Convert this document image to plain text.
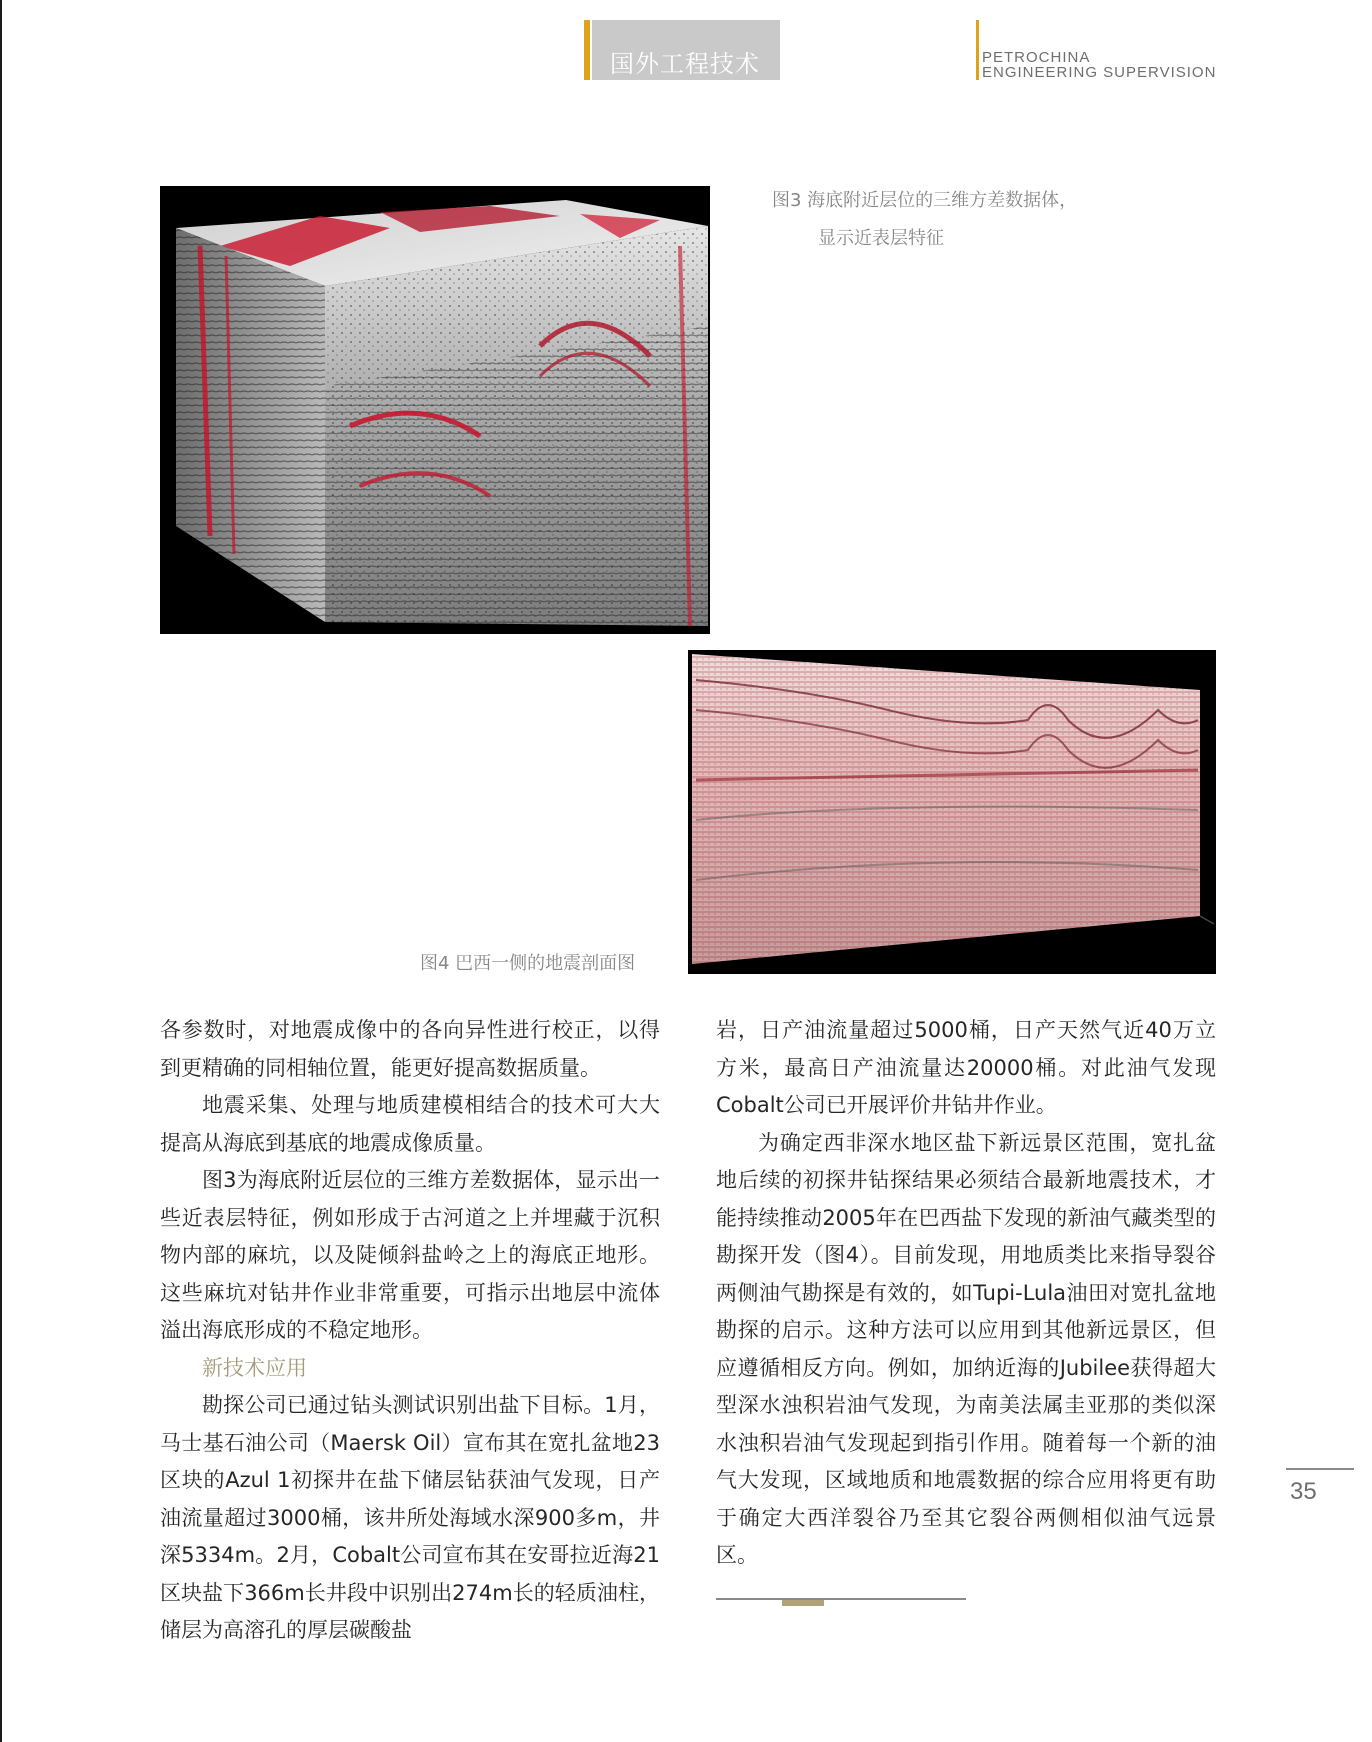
国外工程技术	PETROCHINA
ENGINEERING SUPERVISION
图3 海底附近层位的三维方差数据体，
显示近表层特征
图4 巴西一侧的地震剖面图

各参数时，对地震成像中的各向异性进行校正，以得到更精确的同相轴位置，能更好提高数据质量。

地震采集、处理与地质建模相结合的技术可大大提高从海底到基底的地震成像质量。

图3为海底附近层位的三维方差数据体，显示出一些近表层特征，例如形成于古河道之上并埋藏于沉积物内部的麻坑，以及陡倾斜盐岭之上的海底正地形。这些麻坑对钻井作业非常重要，可指示出地层中流体溢出海底形成的不稳定地形。

新技术应用

勘探公司已通过钻头测试识别出盐下目标。1月，马士基石油公司（Maersk Oil）宣布其在宽扎盆地23区块的Azul 1初探井在盐下储层钻获油气发现，日产油流量超过3000桶，该井所处海域水深900多m，井深5334m。2月，Cobalt公司宣布其在安哥拉近海21区块盐下366m长井段中识别出274m长的轻质油柱，储层为高溶孔的厚层碳酸盐

岩，日产油流量超过5000桶，日产天然气近40万立方米，最高日产油流量达20000桶。对此油气发现Cobalt公司已开展评价井钻井作业。

为确定西非深水地区盐下新远景区范围，宽扎盆地后续的初探井钻探结果必须结合最新地震技术，才能持续推动2005年在巴西盐下发现的新油气藏类型的勘探开发（图4）。目前发现，用地质类比来指导裂谷两侧油气勘探是有效的，如Tupi-Lula油田对宽扎盆地勘探的启示。这种方法可以应用到其他新远景区，但应遵循相反方向。例如，加纳近海的Jubilee获得超大型深水浊积岩油气发现，为南美法属圭亚那的类似深水浊积岩油气发现起到指引作用。随着每一个新的油气大发现，区域地质和地震数据的综合应用将更有助于确定大西洋裂谷乃至其它裂谷两侧相似油气远景区。

35
